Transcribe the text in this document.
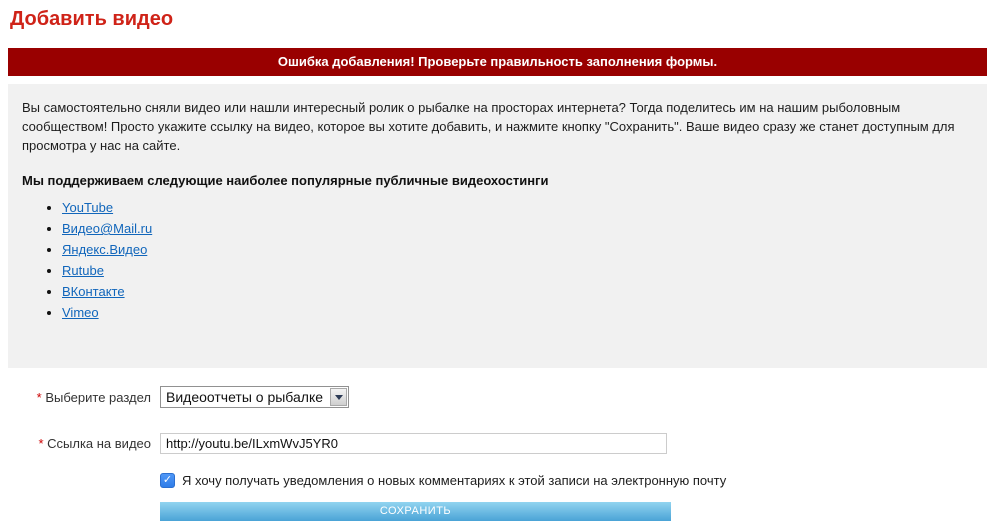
Добавить видео
Ошибка добавления! Проверьте правильность заполнения формы.

Вы самостоятельно сняли видео или нашли интересный ролик о рыбалке на просторах интернета? Тогда поделитесь им на нашим рыболовным сообществом! Просто укажите ссылку на видео, которое вы хотите добавить, и нажмите кнопку "Сохранить". Ваше видео сразу же станет доступным для просмотра у нас на сайте.

Мы поддерживаем следующие наиболее популярные публичные видеохостинги

• YouTube
• Видео@Mail.ru
• Яндекс.Видео
• Rutube
• ВКонтакте
• Vimeo
* Выберите раздел	Видеоотчеты о рыбалке
* Ссылка на видео
http://youtu.be/ILxmWvJ5YR0
✓ Я хочу получать уведомления о новых комментариях к этой записи на электронную почту
СОХРАНИТЬ
